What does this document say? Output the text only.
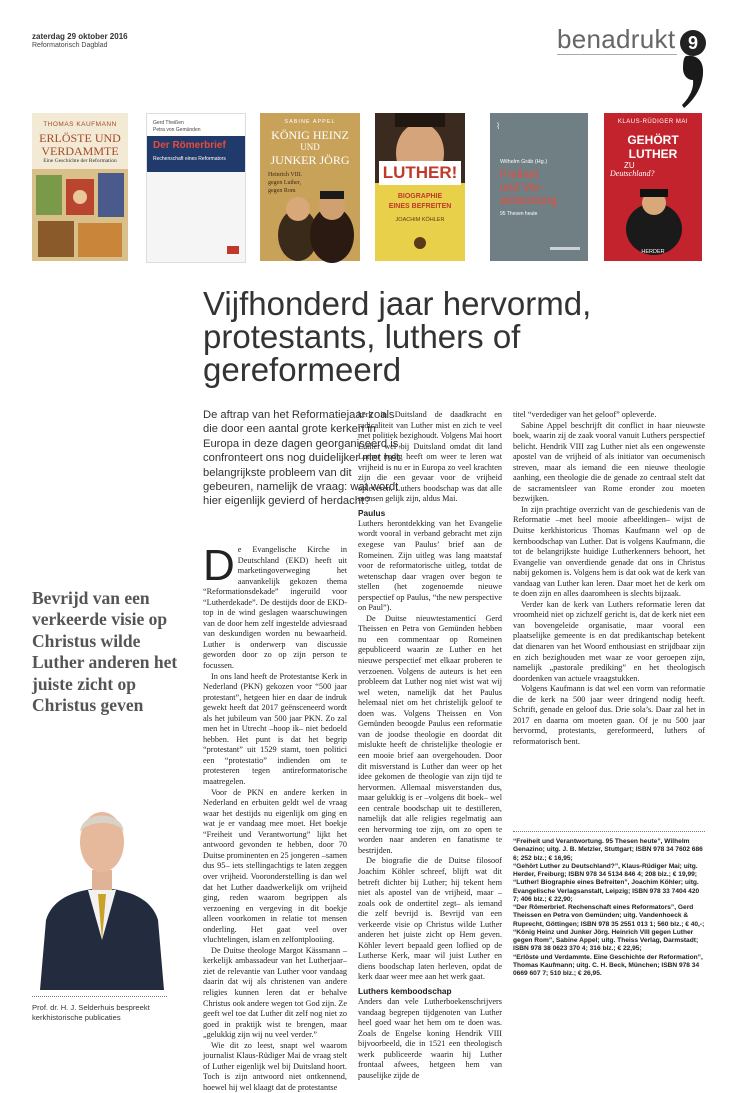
zaterdag 29 oktober 2016
Reformatorisch Dagblad	benadrukt 9
THOMAS KAUFMANN
ERLÖSTE UND
VERDAMMTE
Eine Geschichte der Reformation
Gerd Theißen
Petra von Gemünden
Der Römerbrief
Rechenschaft eines Reformators
SABINE APPEL
KÖNIG HEINZ
UND
JUNKER JÖRG
Heinrich VIII. gegen Luther, gegen Rom
LUTHER!
BIOGRAPHIE
EINES BEFREITEN
JOACHIM KÖHLER
⌇
Wilhelm Gräb (Hg.)
Freiheit
und Ver-
antwortung
95 Thesen heute
KLAUS-RÜDIGER MAI
GEHÖRT
LUTHER
ZU
Deutschland?
HERDER
Vijfhonderd jaar hervormd, protestants, luthers of gereformeerd
De aftrap van het Reformatiejaar zoals die door een aantal grote kerken in Europa in deze dagen georganiseerd is, confronteert ons nog duidelijker met het belangrijkste probleem van dit gebeuren, namelijk de vraag: wat wordt hier eigenlijk gevierd of herdacht?

De Evangelische Kirche in Deutschland (EKD) heeft uit marketingoverweging het aanvankelijk gekozen thema “Reformationsdekade” ingeruild voor “Lutherdekade”. De destijds door de EKD-top in de wind geslagen waarschuwingen van de door hem zelf ingestelde adviesraad van deskundigen worden nu bewaarheid. Luther is onderwerp van discussie geworden door zo op zijn person te focussen.

In ons land heeft de Protestantse Kerk in Nederland (PKN) gekozen voor “500 jaar protestant”, hetgeen hier en daar de indruk gewekt heeft dat 2017 geënsceneerd wordt als het jubileum van 500 jaar PKN. Zo zal men het in Utrecht –hoop ik– niet bedoeld hebben. Het punt is dat het begrip “protestant” uit 1529 stamt, toen politici een “protestatio” indienden om te protesteren tegen antireformatorische maatregelen.

Voor de PKN en andere kerken in Nederland en erbuiten geldt wel de vraag waar het destijds nu eigenlijk om ging en wat je er vandaag mee moet. Het boekje “Freiheit und Verantwortung” lijkt het antwoord gevonden te hebben, door 70 Duitse prominenten en 25 jongeren –samen dus 95– iets stellingachtigs te laten zeggen over vrijheid. Vooronderstelling is dan wel dat het Luther daadwerkelijk om vrijheid ging, reden waarom begrippen als verzoening en vergeving in dit boekje alleen voorkomen in relatie tot mensen onderling. Het gaat veel over vluchtelingen, islam en zelfontplooiing.

De Duitse theologe Margot Kässmann –kerkelijk ambassadeur van het Lutherjaar– ziet de relevantie van Luther voor vandaag daarin dat wij als christenen van andere religies kunnen leren dat er behalve Christus ook andere wegen tot God zijn. Ze geeft wel toe dat Luther dit zelf nog niet zo goed in praktijk wist te brengen, maar „gelukkig zijn wij nu veel verder.”

Wie dit zo leest, snapt wel waarom journalist Klaus-Rüdiger Mai de vraag stelt of Luther eigenlijk wel bij Duitsland hoort. Toch is zijn antwoord niet ontkennend, hoewel hij wel klaagt dat de protestantse

kerk in Duitsland de daadkracht en radicaliteit van Luther mist en zich te veel met politiek bezighoudt. Volgens Mai hoort Luther wel bij Duitsland omdat dit land Luther nodig heeft om weer te leren wat vrijheid is nu er in Europa zo veel krachten zijn die een gevaar voor de vrijheid opleveren. Luthers boodschap was dat alle mensen gelijk zijn, aldus Mai.

Paulus

Luthers herontdekking van het Evangelie wordt vooral in verband gebracht met zijn exegese van Paulus’ brief aan de Romeinen. Zijn uitleg was lang maatstaf voor de reformatorische uitleg, totdat de wetenschap daar vragen over begon te stellen (het zogenoemde nieuwe perspectief op Paulus, “the new perspective on Paul”).

De Duitse nieuwtestamenticí Gerd Theissen en Petra von Gemünden hebben nu een commentaar op Romeinen gepubliceerd waarin ze Luther en het nieuwe perspectief met elkaar proberen te verzoenen. Volgens de auteurs is het een probleem dat Luther nog niet wist wat wij wel weten, namelijk dat het Paulus helemaal niet om het christelijk geloof te doen was. Volgens Theissen en Von Gemünden beoogde Paulus een reformatie van de joodse theologie en doordat dit mislukte heeft de christelijke theologie er een mooie brief aan overgehouden. Door dit misverstand is Luther dan weer op het idee gekomen de theologie van zijn tijd te hervormen. Allemaal misverstanden dus, maar gelukkig is er –volgens dit boek– wel een centrale boodschap uit te destilleren, namelijk dat alle religies regelmatig aan een hervorming toe zijn, om zo open te worden naar anderen en fanatisme te bestrijden.

De biografie die de Duitse filosoof Joachim Köhler schreef, blijft wat dit betreft dichter bij Luther; hij tekent hem niet als apostel van de vrijheid, maar –zoals ook de ondertitel zegt– als iemand die zelf bevrijd is. Bevrijd van een verkeerde visie op Christus wilde Luther anderen het juiste zicht op Hem geven. Köhler levert bepaald geen loflied op de Lutherse Kerk, maar wil juist Luther en diens boodschap laten herleven, opdat de kerk daar weer mee aan het werk gaat.

Luthers kemboodschap

Anders dan vele Lutherboekenschrijvers vandaag begrepen tijdgenoten van Luther heel goed waar het hem om te doen was. Zoals de Engelse koning Hendrik VIII bijvoorbeeld, die in 1521 een theologisch werk publiceerde waarin hij Luther frontaal afwees, hetgeen hem van pauselijke zijde de

titel “verdediger van het geloof” opleverde.

Sabine Appel beschrijft dit conflict in haar nieuwste boek, waarin zij de zaak vooral vanuit Luthers perspectief belicht. Hendrik VIII zag Luther niet als een ongewenste apostel van de vrijheid of als initiator van oecumenisch streven, maar als iemand die een nieuwe theologie aanhing, een theologie die de genade zo centraal stelt dat de sacramentsleer van Rome eronder zou moeten bezwijken.

In zijn prachtige overzicht van de geschiedenis van de Reformatie –met heel mooie afbeeldingen– wijst de Duitse kerkhistoricus Thomas Kaufmann wel op de kernboodschap van Luther. Dat is volgens Kaufmann, die tot de belangrijkste huidige Lutherkenners behoort, het Evangelie van onverdiende genade dat ons in Christus nabij gekomen is. Volgens hem is dat ook wat de kerk van vandaag van Luther kan leren. Daar moet het de kerk om te doen zijn en alles daaromheen is slechts bijzaak.

Verder kan de kerk van Luthers reformatie leren dat vroomheid niet op zichzelf gericht is, dat de kerk niet een van bovengeleide organisatie, maar vooral een plaatselijke gemeente is en dat predikantschap betekent dat dienaren van het Woord enthousiast en strijdbaar zijn en zich bezighouden met waar ze voor geroepen zijn, namelijk „pastorale prediking” en het theologisch doordenken van actuele vraagstukken.

Volgens Kaufmann is dat wel een vorm van reformatie die de kerk na 500 jaar weer dringend nodig heeft. Schrift, genade en geloof dus. Drie sola’s. Daar zal het in 2017 en daarna om moeten gaan. Of je nu 500 jaar hervormd, protestants, gereformeerd, luthers of reformatorisch bent.

Bevrijd van een verkeerde visie op Christus wilde Luther anderen het juiste zicht op Christus geven
Prof. dr. H. J. Selderhuis bespreekt kerkhistorische publicaties

“Freiheit und Verantwortung. 95 Thesen heute”, Wilhelm Genazino; uitg. J. B. Metzler, Stuttgart; ISBN 978 34 7602 686 6; 252 blz.; € 16,95;

“Gehört Luther zu Deutschland?”, Klaus-Rüdiger Mai; uitg. Herder, Freiburg; ISBN 978 34 5134 846 4; 208 blz.; € 19,99;

“Luther! Biographie eines Befreiten”, Joachim Köhler; uitg. Evangelische Verlagsanstalt, Leipzig; ISBN 978 33 7404 420 7; 406 blz.; € 22,90;

“Der Römerbrief. Rechenschaft eines Reformators”, Gerd Theissen en Petra von Gemünden; uitg. Vandenhoeck & Ruprecht, Göttingen; ISBN 978 35 2551 013 1; 560 blz.; € 40,-;

“König Heinz und Junker Jörg. Heinrich VIII gegen Luther gegen Rom”, Sabine Appel; uitg. Theiss Verlag, Darmstadt; ISBN 978 38 0623 370 4; 316 blz.; € 22,95;

“Erlöste und Verdammte. Eine Geschichte der Reformation”, Thomas Kaufmann; uitg. C. H. Beck, München; ISBN 978 34 0669 607 7; 510 blz.; € 26,95.
